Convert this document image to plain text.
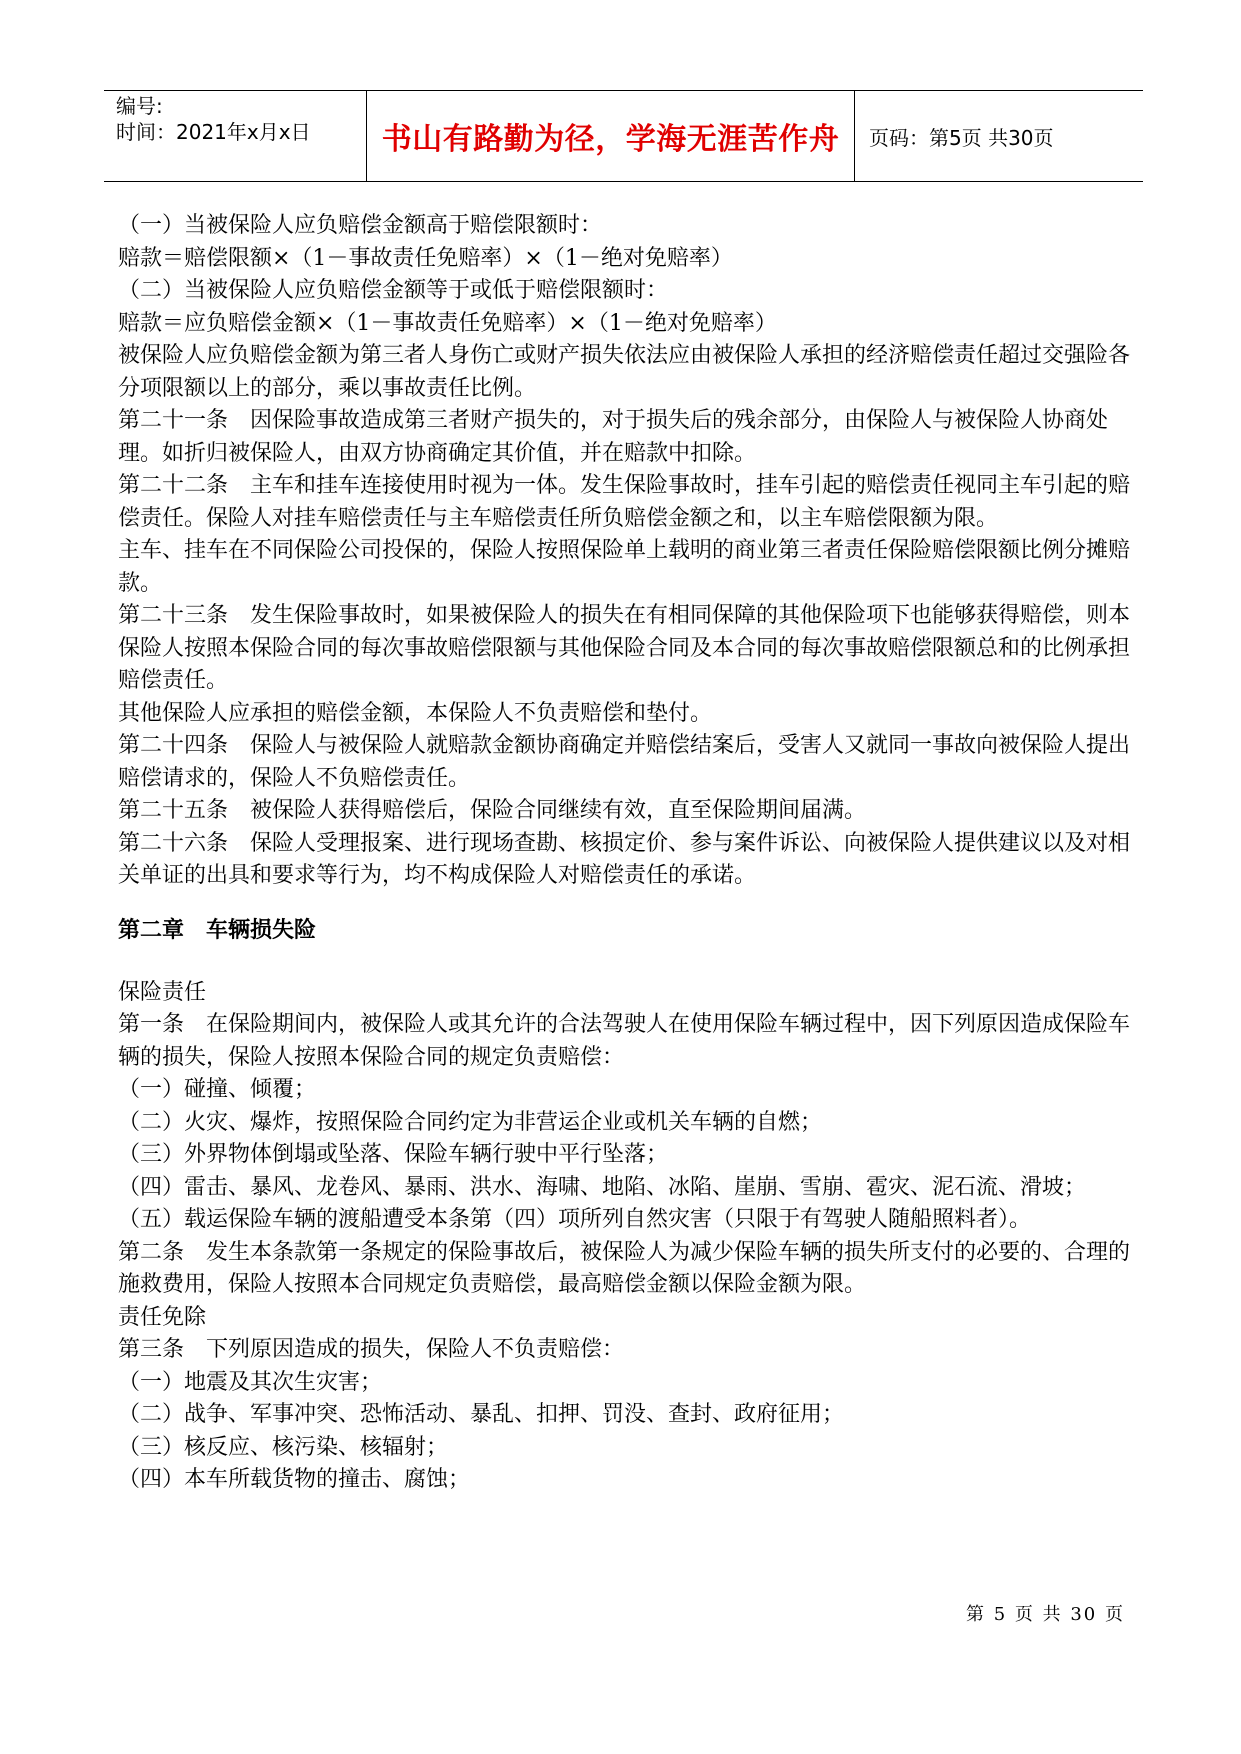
编号:
时间：2021年x月x日	书山有路勤为径，学海无涯苦作舟	页码：第5页 共30页

（一）当被保险人应负赔偿金额高于赔偿限额时：

赔款＝赔偿限额×（1－事故责任免赔率）×（1－绝对免赔率）

（二）当被保险人应负赔偿金额等于或低于赔偿限额时：

赔款＝应负赔偿金额×（1－事故责任免赔率）×（1－绝对免赔率）

被保险人应负赔偿金额为第三者人身伤亡或财产损失依法应由被保险人承担的经济赔偿责任超过交强险各分项限额以上的部分，乘以事故责任比例。

第二十一条　因保险事故造成第三者财产损失的，对于损失后的残余部分，由保险人与被保险人协商处理。如折归被保险人，由双方协商确定其价值，并在赔款中扣除。

第二十二条　主车和挂车连接使用时视为一体。发生保险事故时，挂车引起的赔偿责任视同主车引起的赔偿责任。保险人对挂车赔偿责任与主车赔偿责任所负赔偿金额之和，以主车赔偿限额为限。

主车、挂车在不同保险公司投保的，保险人按照保险单上载明的商业第三者责任保险赔偿限额比例分摊赔款。

第二十三条　发生保险事故时，如果被保险人的损失在有相同保障的其他保险项下也能够获得赔偿，则本保险人按照本保险合同的每次事故赔偿限额与其他保险合同及本合同的每次事故赔偿限额总和的比例承担赔偿责任。

其他保险人应承担的赔偿金额，本保险人不负责赔偿和垫付。

第二十四条　保险人与被保险人就赔款金额协商确定并赔偿结案后，受害人又就同一事故向被保险人提出赔偿请求的，保险人不负赔偿责任。

第二十五条　被保险人获得赔偿后，保险合同继续有效，直至保险期间届满。

第二十六条　保险人受理报案、进行现场查勘、核损定价、参与案件诉讼、向被保险人提供建议以及对相关单证的出具和要求等行为，均不构成保险人对赔偿责任的承诺。

第二章　车辆损失险

保险责任

第一条　在保险期间内，被保险人或其允许的合法驾驶人在使用保险车辆过程中，因下列原因造成保险车辆的损失，保险人按照本保险合同的规定负责赔偿：

（一）碰撞、倾覆；

（二）火灾、爆炸，按照保险合同约定为非营运企业或机关车辆的自燃；

（三）外界物体倒塌或坠落、保险车辆行驶中平行坠落；

（四）雷击、暴风、龙卷风、暴雨、洪水、海啸、地陷、冰陷、崖崩、雪崩、雹灾、泥石流、滑坡；

（五）载运保险车辆的渡船遭受本条第（四）项所列自然灾害（只限于有驾驶人随船照料者）。

第二条　发生本条款第一条规定的保险事故后，被保险人为减少保险车辆的损失所支付的必要的、合理的施救费用，保险人按照本合同规定负责赔偿，最高赔偿金额以保险金额为限。

责任免除

第三条　下列原因造成的损失，保险人不负责赔偿：

（一）地震及其次生灾害；

（二）战争、军事冲突、恐怖活动、暴乱、扣押、罚没、查封、政府征用；

（三）核反应、核污染、核辐射；

（四）本车所载货物的撞击、腐蚀；

第 5 页 共 30 页
